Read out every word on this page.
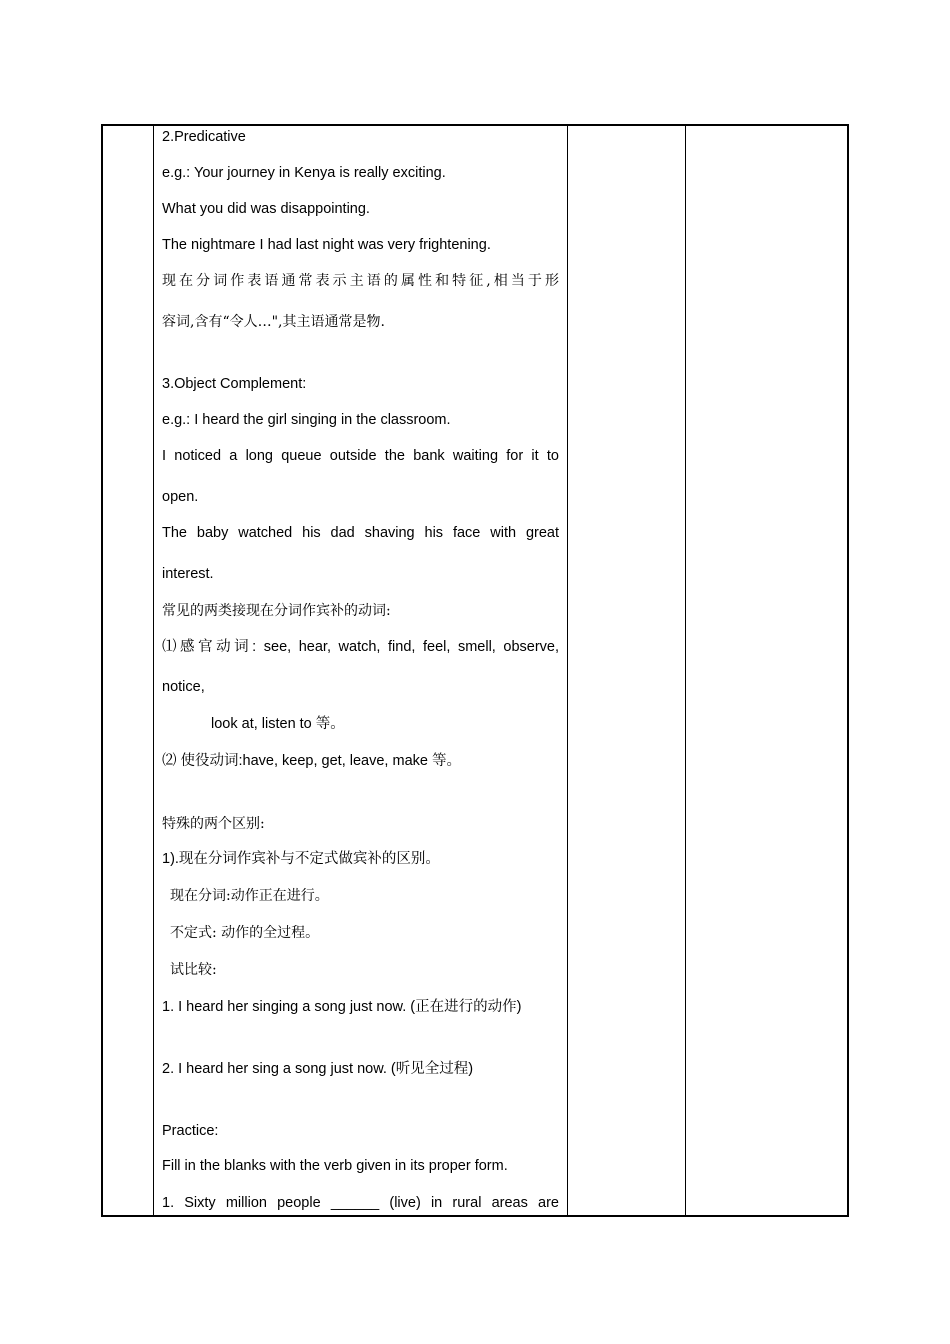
2.Predicative
e.g.: Your journey in Kenya is really exciting.
What you did was disappointing.
The nightmare I had last night was very frightening.
现在分词作表语通常表示主语的属性和特征,相当于形
容词,含有“令人…",其主语通常是物.
3.Object Complement:
e.g.: I heard the girl singing in the classroom.
I noticed a long queue outside the bank waiting for it to
open.
The baby watched his dad shaving his face with great
interest.
常见的两类接现在分词作宾补的动词:
⑴感官动词: see, hear, watch, find, feel, smell, observe,
notice,
look at, listen to 等。
⑵ 使役动词:have, keep, get, leave, make 等。
特殊的两个区别:
1).现在分词作宾补与不定式做宾补的区别。
现在分词:动作正在进行。
不定式: 动作的全过程。
试比较:
1. I heard her singing a song just now. (正在进行的动作)
2. I heard her sing a song just now. (听见全过程)
Practice:
Fill in the blanks with the verb given in its proper form.
1. Sixty million people ______ (live) in rural areas are
